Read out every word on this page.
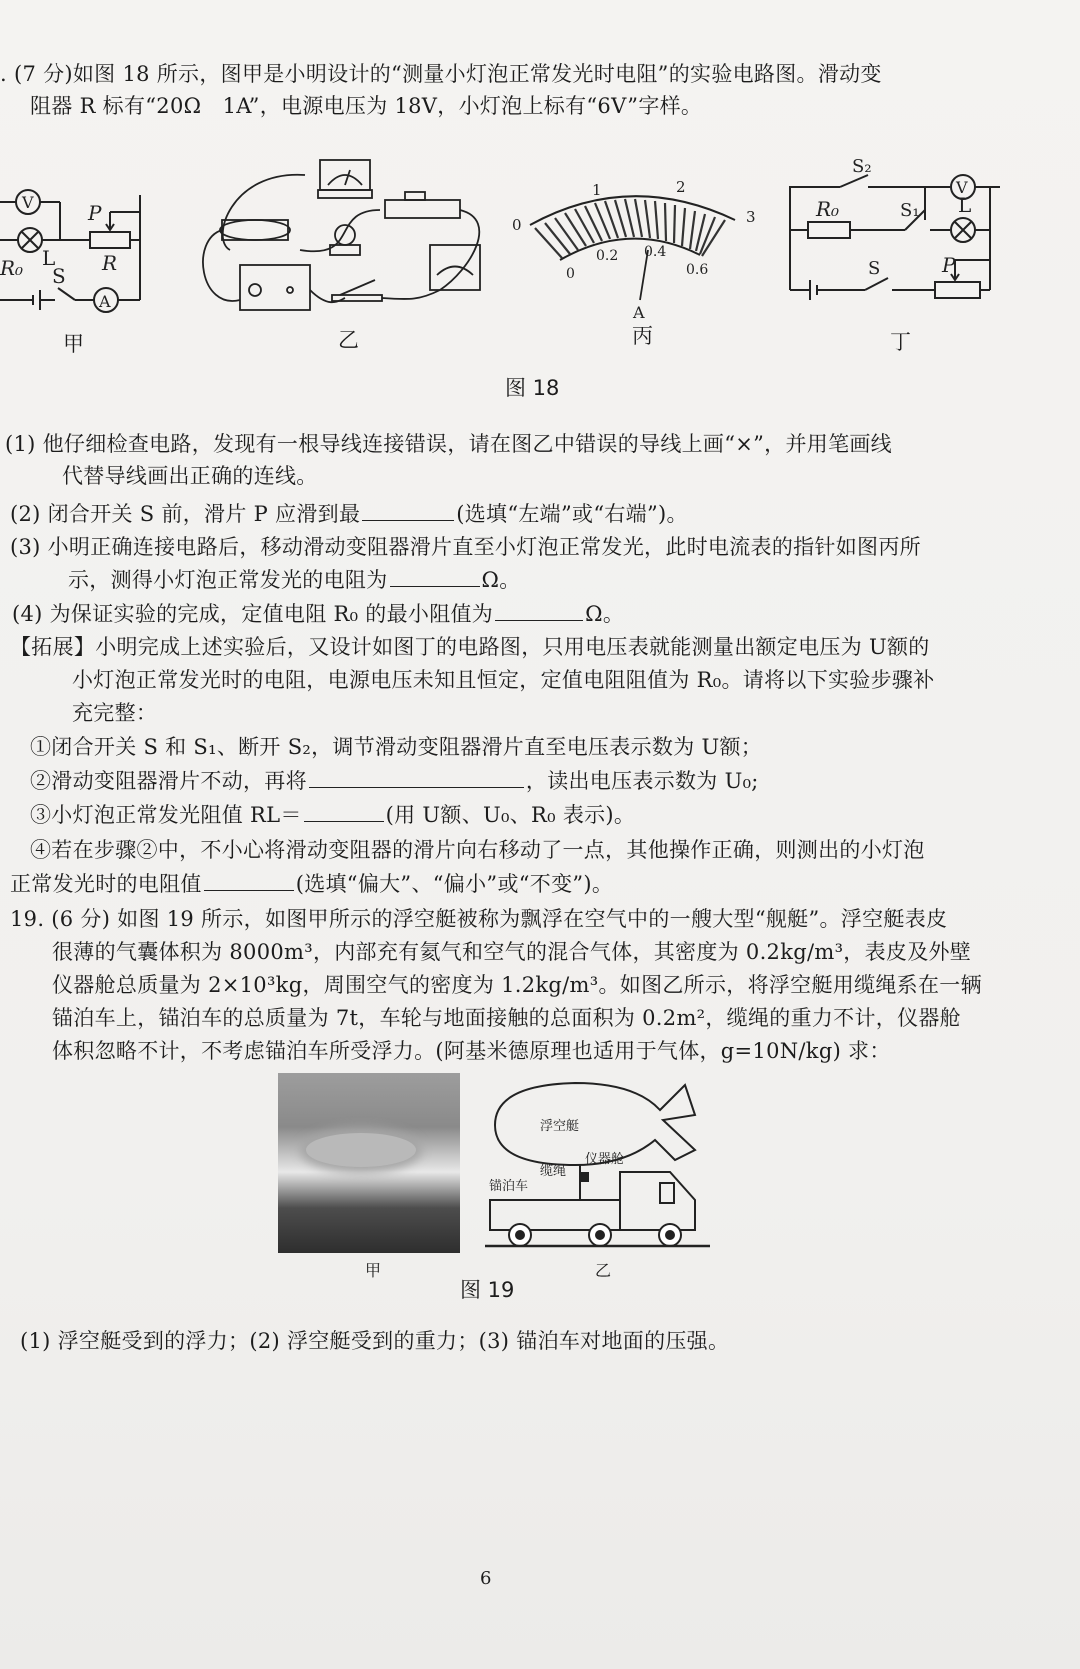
. (7 分)如图 18 所示，图甲是小明设计的“测量小灯泡正常发光时电阻”的实验电路图。滑动变
阻器 R 标有“20Ω　1A”，电源电压为 18V，小灯泡上标有“6V”字样。
V
L
P
R
A
R₀ S
0
1	2
3
0
0.2 0.4
0.6
A
S₂
V
R₀	S₁ L
S	P
甲	乙	丙	丁
图 18
(1) 他仔细检查电路，发现有一根导线连接错误，请在图乙中错误的导线上画“×”，并用笔画线
代替导线画出正确的连线。
(2) 闭合开关 S 前，滑片 P 应滑到最	(选填“左端”或“右端”)。
(3) 小明正确连接电路后，移动滑动变阻器滑片直至小灯泡正常发光，此时电流表的指针如图丙所
示，测得小灯泡正常发光的电阻为	Ω。
(4) 为保证实验的完成，定值电阻 R₀ 的最小阻值为	Ω。
【拓展】小明完成上述实验后，又设计如图丁的电路图，只用电压表就能测量出额定电压为 U额的
小灯泡正常发光时的电阻，电源电压未知且恒定，定值电阻阻值为 R₀。请将以下实验步骤补
充完整：
①闭合开关 S 和 S₁、断开 S₂，调节滑动变阻器滑片直至电压表示数为 U额；
②滑动变阻器滑片不动，再将	，读出电压表示数为 U₀;
③小灯泡正常发光阻值 RL＝	(用 U额、U₀、R₀ 表示)。
④若在步骤②中，不小心将滑动变阻器的滑片向右移动了一点，其他操作正确，则测出的小灯泡
正常发光时的电阻值	(选填“偏大”、“偏小”或“不变”)。
19. (6 分) 如图 19 所示，如图甲所示的浮空艇被称为飘浮在空气中的一艘大型“舰艇”。浮空艇表皮
很薄的气囊体积为 8000m³，内部充有氦气和空气的混合气体，其密度为 0.2kg/m³，表皮及外壁
仪器舱总质量为 2×10³kg，周围空气的密度为 1.2kg/m³。如图乙所示，将浮空艇用缆绳系在一辆
锚泊车上，锚泊车的总质量为 7t，车轮与地面接触的总面积为 0.2m²，缆绳的重力不计，仪器舱
体积忽略不计，不考虑锚泊车所受浮力。(阿基米德原理也适用于气体，g=10N/kg) 求：
浮空艇
缆绳
仪器舱
锚泊车
甲	乙
图 19
(1) 浮空艇受到的浮力；(2) 浮空艇受到的重力；(3) 锚泊车对地面的压强。
6
